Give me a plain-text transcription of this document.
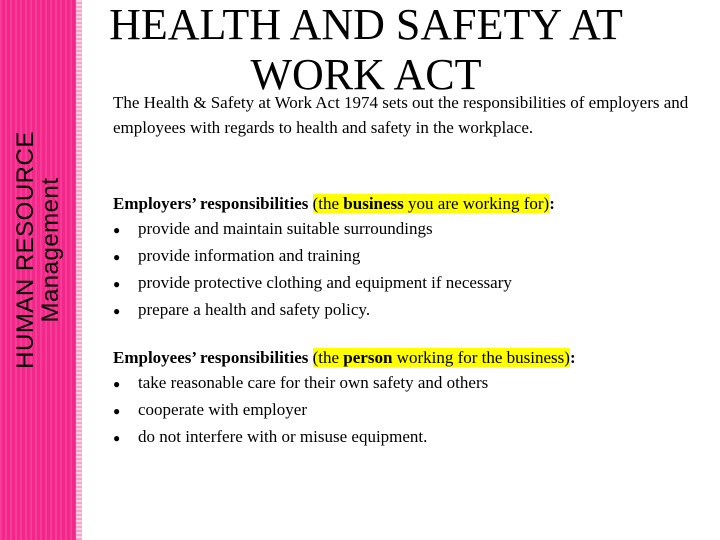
HUMAN RESOURCE
Management
HEALTH AND SAFETY AT WORK ACT

The Health & Safety at Work Act 1974 sets out the responsibilities of employers and employees with regards to health and safety in the workplace.

Employers’ responsibilities (the business you are working for):

●	provide and maintain suitable surroundings
●	provide information and training
●	provide protective clothing and equipment if necessary
●	prepare a health and safety policy.

Employees’ responsibilities (the person working for the business):

●	take reasonable care for their own safety and others
●	cooperate with employer
●	do not interfere with or misuse equipment.
